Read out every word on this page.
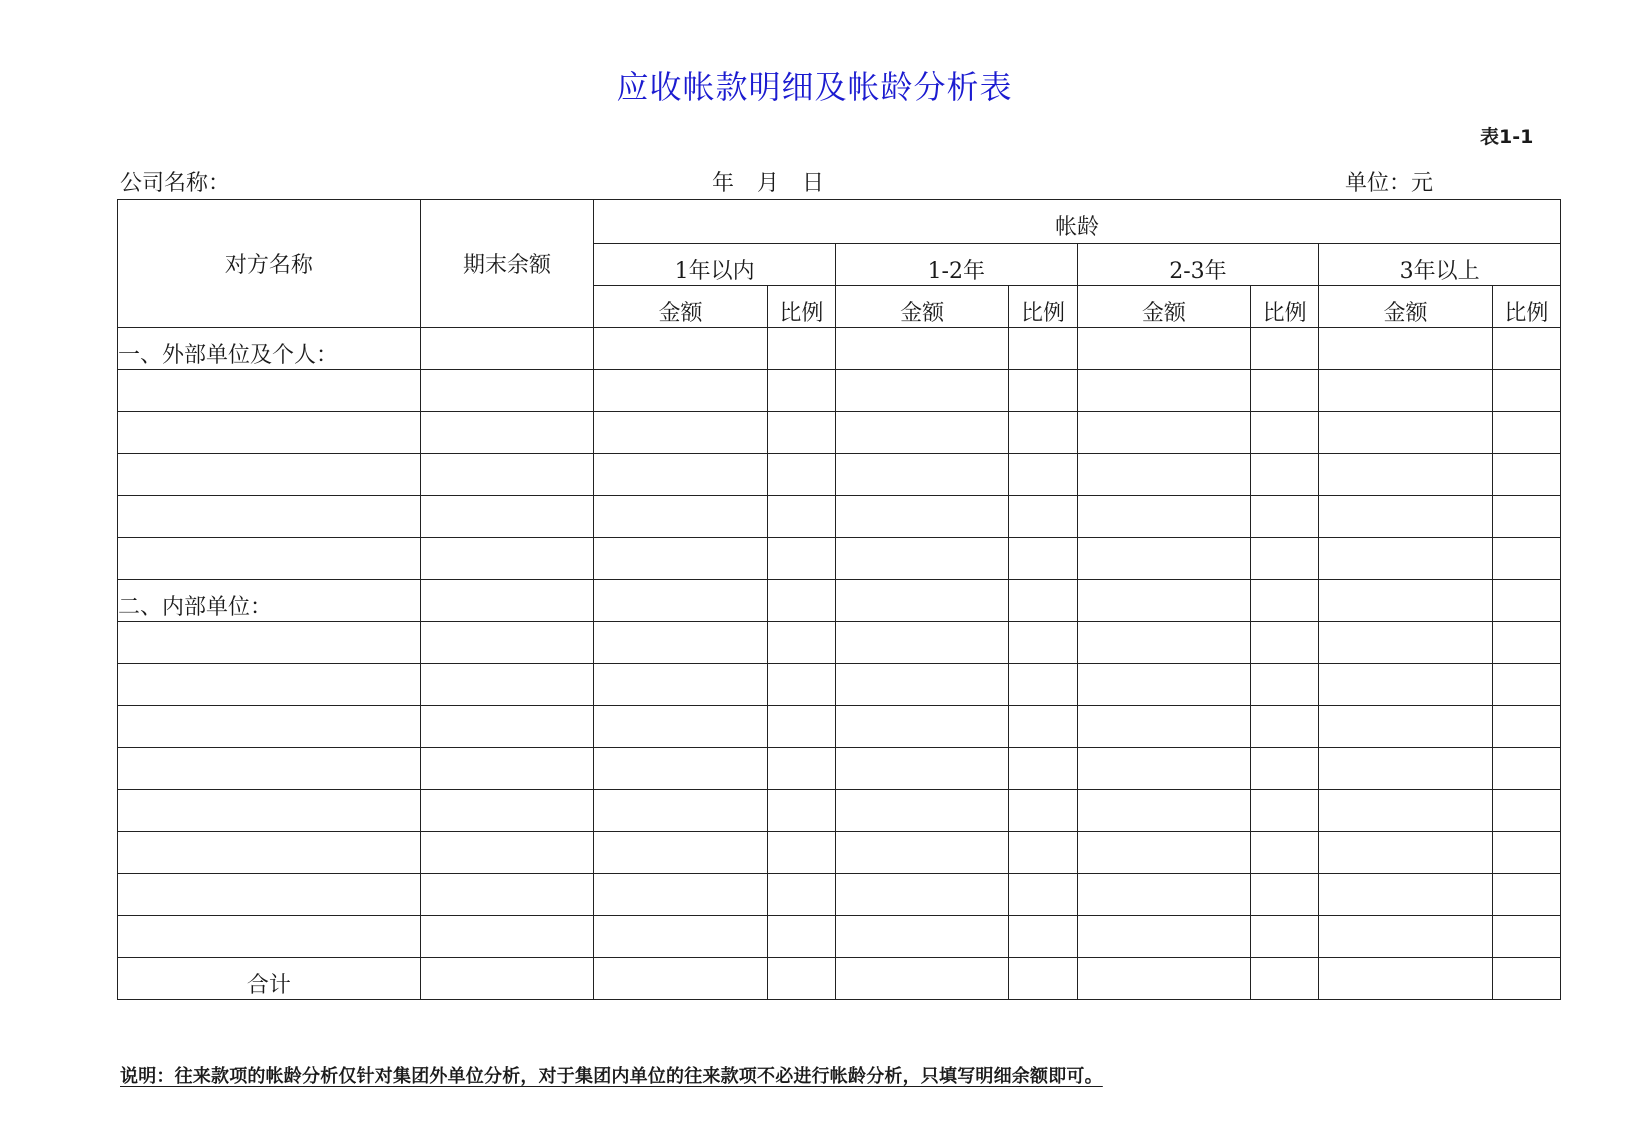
应收帐款明细及帐龄分析表
表1-1
公司名称：	年 月 日	单位：元
对方名称	期末余额	帐龄							
		1年以内		1-2年		2-3年		3年以上	
		金额	比例	金额	比例	金额	比例	金额	比例
一、外部单位及个人：									

二、内部单位：									

合计									
说明：往来款项的帐龄分析仅针对集团外单位分析，对于集团内单位的往来款项不必进行帐龄分析，只填写明细余额即可。
